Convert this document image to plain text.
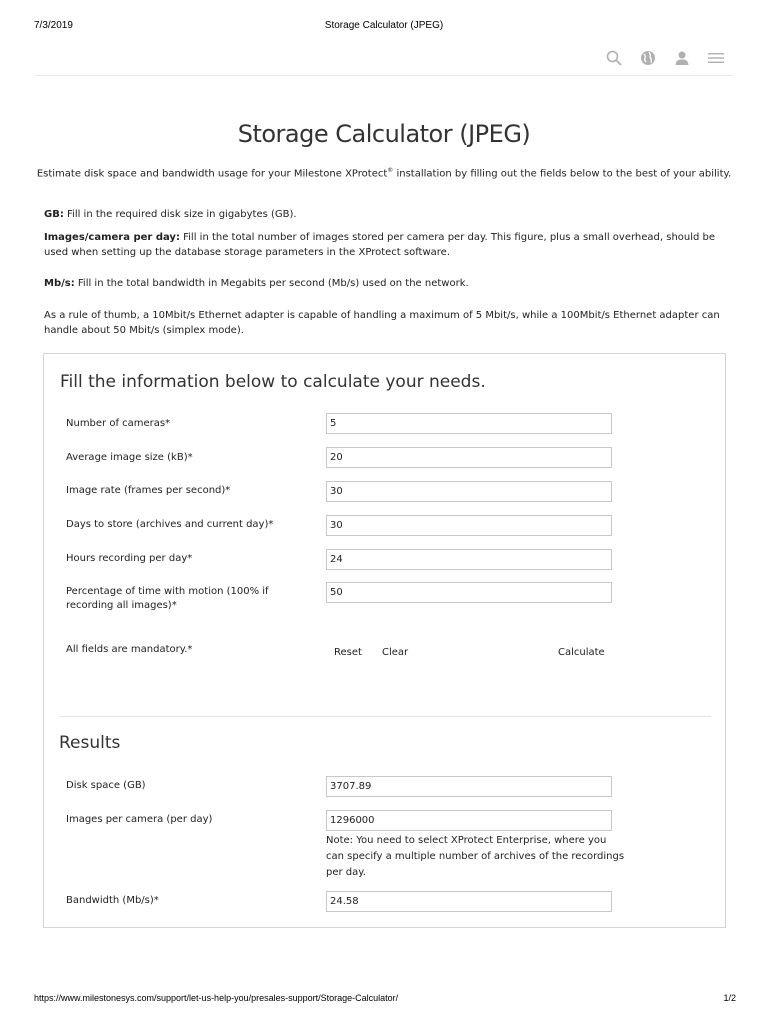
7/3/2019	Storage Calculator (JPEG)
Storage Calculator (JPEG)
Estimate disk space and bandwidth usage for your Milestone XProtect® installation by filling out the fields below to the best of your ability.

GB: Fill in the required disk size in gigabytes (GB).

Images/camera per day: Fill in the total number of images stored per camera per day. This figure, plus a small overhead, should be used when setting up the database storage parameters in the XProtect software.

Mb/s: Fill in the total bandwidth in Megabits per second (Mb/s) used on the network.

As a rule of thumb, a 10Mbit/s Ethernet adapter is capable of handling a maximum of 5 Mbit/s, while a 100Mbit/s Ethernet adapter can handle about 50 Mbit/s (simplex mode).

Fill the information below to calculate your needs.
Number of cameras*
5
Average image size (kB)*
20
Image rate (frames per second)*
30
Days to store (archives and current day)*
30
Hours recording per day*
24
Percentage of time with motion (100% if recording all images)*
50
All fields are mandatory.*	Reset Clear	Calculate
Results
Disk space (GB)
3707.89
Images per camera (per day)
1296000

Note: You need to select XProtect Enterprise, where you can specify a multiple number of archives of the recordings per day.

Bandwidth (Mb/s)*
24.58
https://www.milestonesys.com/support/let-us-help-you/presales-support/Storage-Calculator/	1/2
